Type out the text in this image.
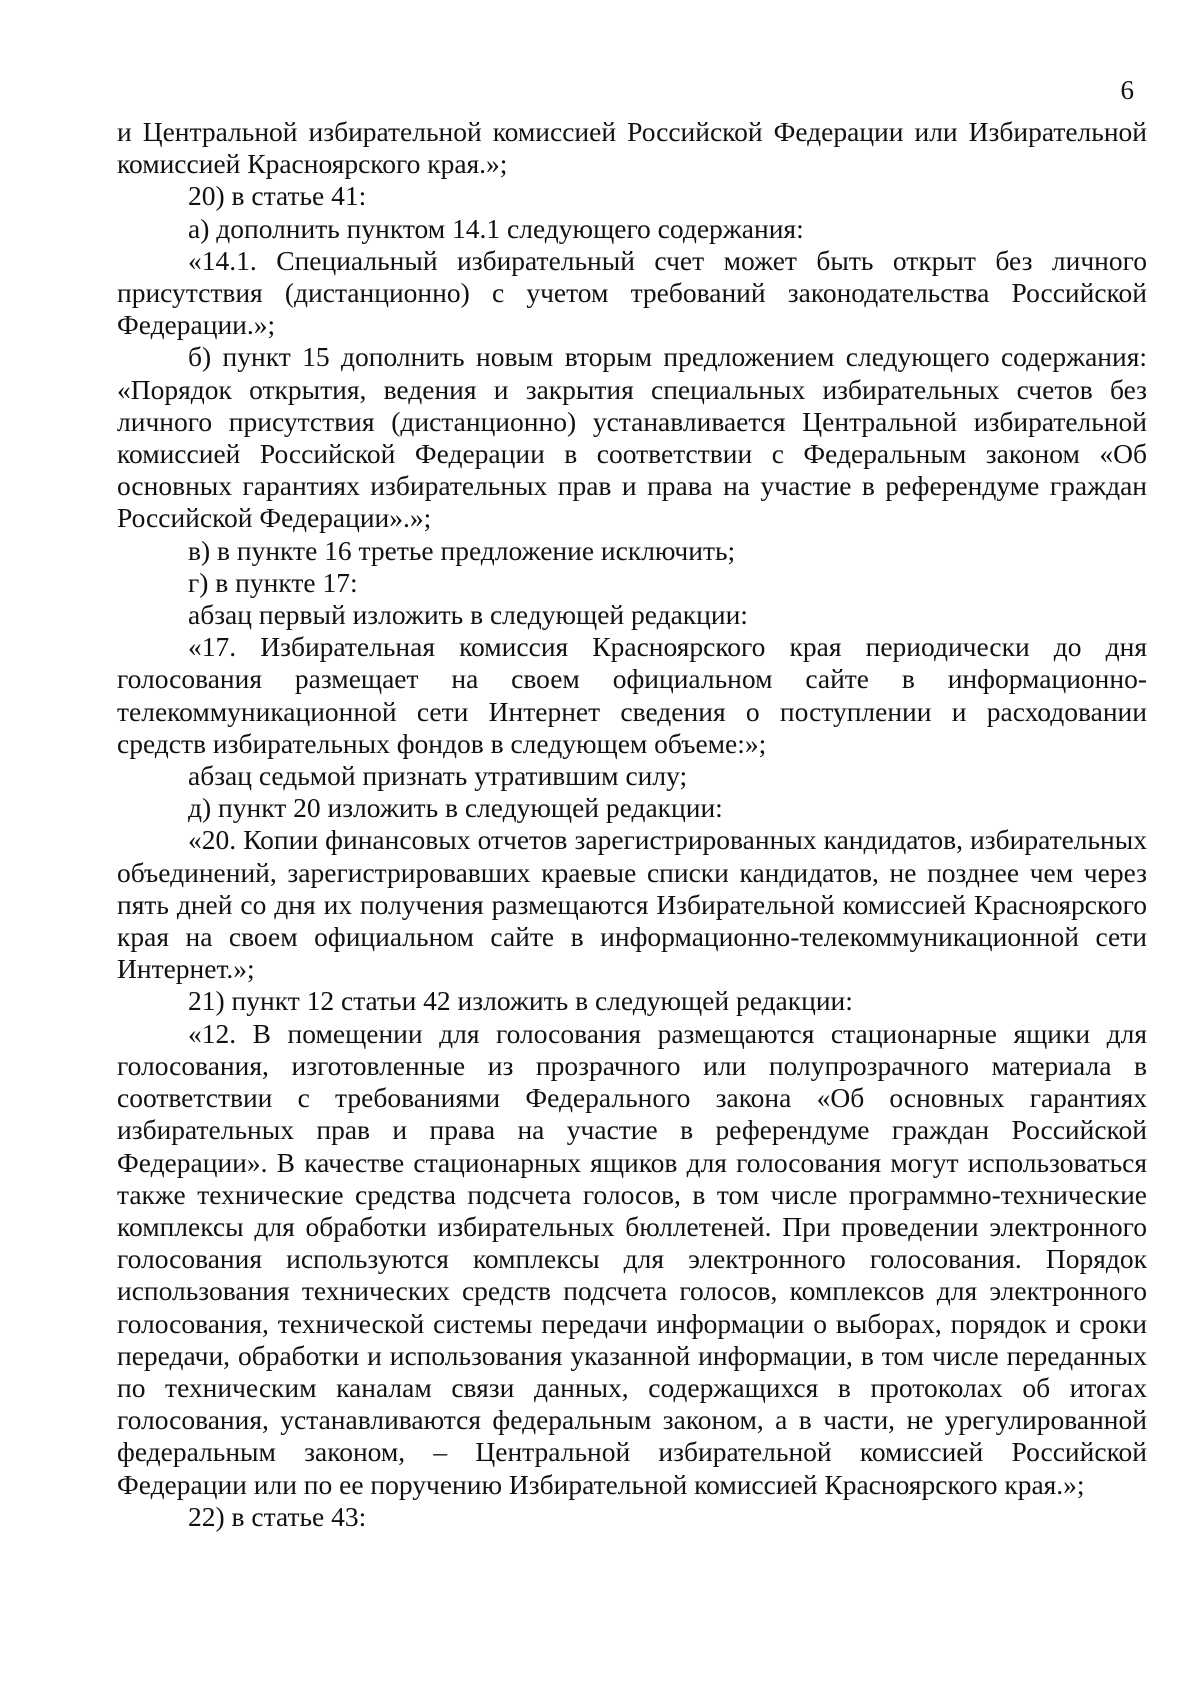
6

и Центральной избирательной комиссией Российской Федерации или Избирательной комиссией Красноярского края.»;

20) в статье 41:

а) дополнить пунктом 14.1 следующего содержания:

«14.1. Специальный избирательный счет может быть открыт без личного присутствия (дистанционно) с учетом требований законодательства Российской Федерации.»;

б) пункт 15 дополнить новым вторым предложением следующего содержания: «Порядок открытия, ведения и закрытия специальных избирательных счетов без личного присутствия (дистанционно) устанавливается Центральной избирательной комиссией Российской Федерации в соответствии с Федеральным законом «Об основных гарантиях избирательных прав и права на участие в референдуме граждан Российской Федерации».»;

в) в пункте 16 третье предложение исключить;

г) в пункте 17:

абзац первый изложить в следующей редакции:

«17. Избирательная комиссия Красноярского края периодически до дня голосования размещает на своем официальном сайте в информационно-телекоммуникационной сети Интернет сведения о поступлении и расходовании средств избирательных фондов в следующем объеме:»;

абзац седьмой признать утратившим силу;

д) пункт 20 изложить в следующей редакции:

«20. Копии финансовых отчетов зарегистрированных кандидатов, избирательных объединений, зарегистрировавших краевые списки кандидатов, не позднее чем через пять дней со дня их получения размещаются Избирательной комиссией Красноярского края на своем официальном сайте в информационно-телекоммуникационной сети Интернет.»;

21) пункт 12 статьи 42 изложить в следующей редакции:

«12. В помещении для голосования размещаются стационарные ящики для голосования, изготовленные из прозрачного или полупрозрачного материала в соответствии с требованиями Федерального закона «Об основных гарантиях избирательных прав и права на участие в референдуме граждан Российской Федерации». В качестве стационарных ящиков для голосования могут использоваться также технические средства подсчета голосов, в том числе программно-технические комплексы для обработки избирательных бюллетеней. При проведении электронного голосования используются комплексы для электронного голосования. Порядок использования технических средств подсчета голосов, комплексов для электронного голосования, технической системы передачи информации о выборах, порядок и сроки передачи, обработки и использования указанной информации, в том числе переданных по техническим каналам связи данных, содержащихся в протоколах об итогах голосования, устанавливаются федеральным законом, а в части, не урегулированной федеральным законом, – Центральной избирательной комиссией Российской Федерации или по ее поручению Избирательной комиссией Красноярского края.»;

22) в статье 43:
